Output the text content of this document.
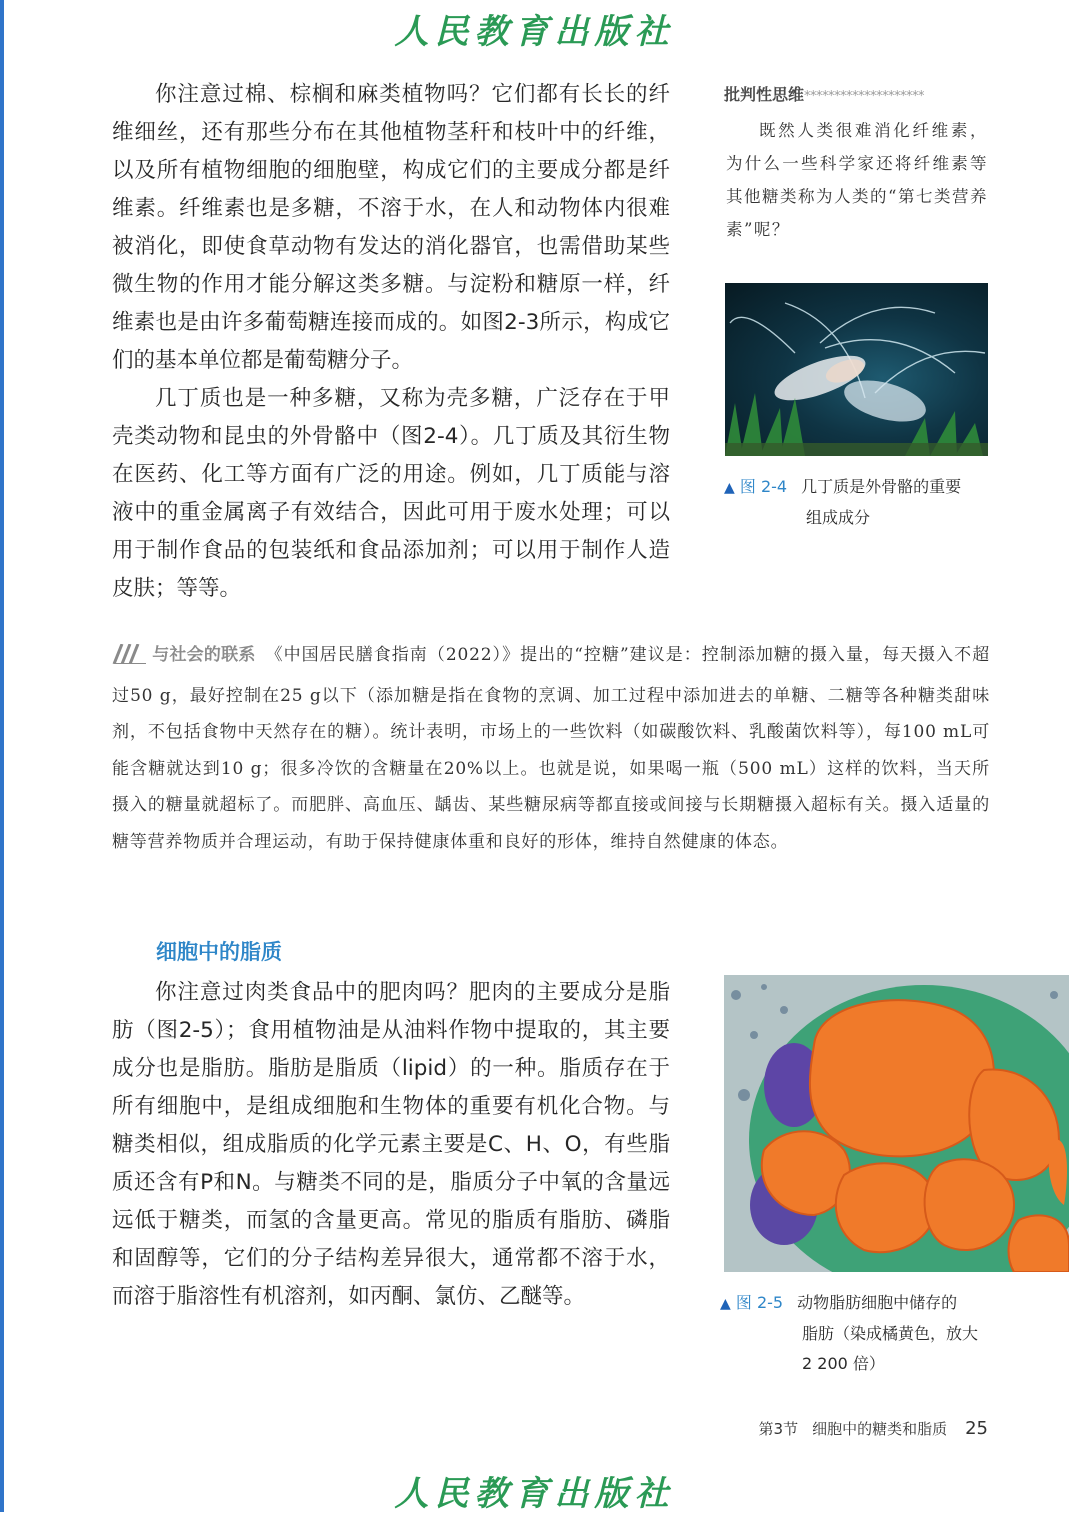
人民教育出版社

你注意过棉、棕榈和麻类植物吗？它们都有长长的纤维细丝，还有那些分布在其他植物茎秆和枝叶中的纤维，以及所有植物细胞的细胞壁，构成它们的主要成分都是纤维素。纤维素也是多糖，不溶于水，在人和动物体内很难被消化，即使食草动物有发达的消化器官，也需借助某些微生物的作用才能分解这类多糖。与淀粉和糖原一样，纤维素也是由许多葡萄糖连接而成的。如图2-3所示，构成它们的基本单位都是葡萄糖分子。

几丁质也是一种多糖，又称为壳多糖，广泛存在于甲壳类动物和昆虫的外骨骼中（图2-4）。几丁质及其衍生物在医药、化工等方面有广泛的用途。例如，几丁质能与溶液中的重金属离子有效结合，因此可用于废水处理；可以用于制作食品的包装纸和食品添加剂；可以用于制作人造皮肤；等等。

批判性思维********************
既然人类很难消化纤维素，为什么一些科学家还将纤维素等其他糖类称为人类的“第七类营养素”呢？
▲ 图 2-4 几丁质是外骨骼的重要
组成成分
与社会的联系 《中国居民膳食指南（2022）》提出的“控糖”建议是：控制添加糖的摄入量，每天摄入不超过50 g，最好控制在25 g以下（添加糖是指在食物的烹调、加工过程中添加进去的单糖、二糖等各种糖类甜味剂，不包括食物中天然存在的糖）。统计表明，市场上的一些饮料（如碳酸饮料、乳酸菌饮料等），每100 mL可能含糖就达到10 g；很多冷饮的含糖量在20%以上。也就是说，如果喝一瓶（500 mL）这样的饮料，当天所摄入的糖量就超标了。而肥胖、高血压、龋齿、某些糖尿病等都直接或间接与长期糖摄入超标有关。摄入适量的糖等营养物质并合理运动，有助于保持健康体重和良好的形体，维持自然健康的体态。
细胞中的脂质

你注意过肉类食品中的肥肉吗？肥肉的主要成分是脂肪（图2-5）；食用植物油是从油料作物中提取的，其主要成分也是脂肪。脂肪是脂质（lipid）的一种。脂质存在于所有细胞中，是组成细胞和生物体的重要有机化合物。与糖类相似，组成脂质的化学元素主要是C、H、O，有些脂质还含有P和N。与糖类不同的是，脂质分子中氧的含量远远低于糖类，而氢的含量更高。常见的脂质有脂肪、磷脂和固醇等，它们的分子结构差异很大，通常都不溶于水，而溶于脂溶性有机溶剂，如丙酮、氯仿、乙醚等。	▲ 图 2-5 动物脂肪细胞中储存的
脂肪（染成橘黄色，放大
2 200 倍）
第3节 细胞中的糖类和脂质 25
人民教育出版社
